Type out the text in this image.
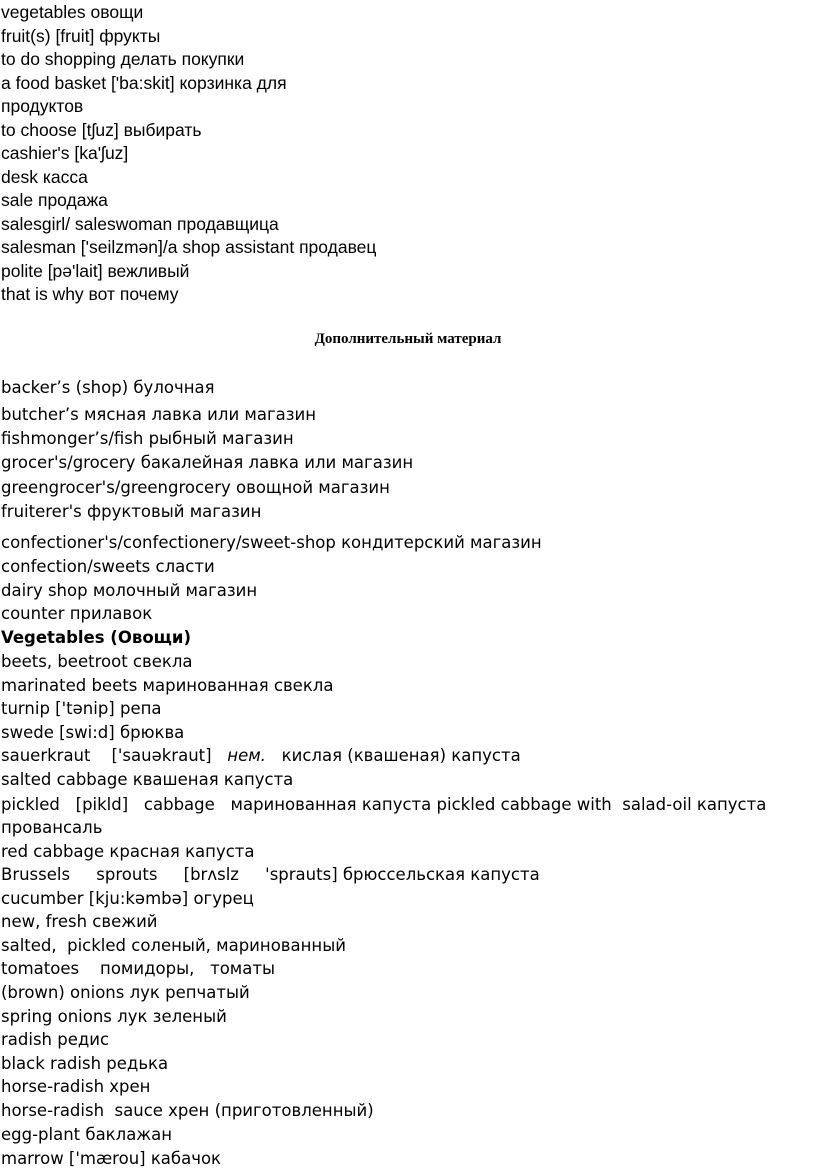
vegetables овощи
fruit(s) [fruit] фрукты
to do shopping делать покупки
a food basket ['ba:skit] корзинка для
продуктов
to choose [tʃuz] выбирать
cashier's [ka'ʃuz]
desk касса
sale продажа
salesgirl/ saleswoman продавщица
salesman ['seilzmən]/a shop assistant продавец
polite [pə'lait] вежливый
that is why вот почему
Дополнительный материал
backer’s (shop) булочная
butcher’s мясная лавка или магазин
fishmonger’s/fish рыбный магазин
grocer's/grocery бакалейная лавка или магазин
greengrocer's/greengrocery овощной магазин
fruiterer's фруктовый магазин
confectioner's/confectionery/sweet-shop кондитерский магазин
confection/sweets сласти
dairy shop молочный магазин
counter прилавок
Vegetables (Овощи)
beets, beetroot свекла
marinated beets маринованная свекла
turnip ['tənip] репа
swede [swi:d] брюква
sauerkraut    ['sauəkraut]   нем.   кислая (квашеная) капуста
salted cabbage квашеная капуста
pickled   [pikld]   cabbage   маринованная капуста pickled cabbage with  salad-oil капуста
провансаль
red cabbage красная капуста
Brussels     sprouts     [brʌslz     'sprauts] брюссельская капуста
cucumber [kju:kəmbə] огурец
new, fresh свежий
salted,  pickled соленый, маринованный
tomatoes    помидоры,   томаты
(brown) onions лук репчатый
spring onions лук зеленый
radish редис
black radish редька
horse-radish хрен
horse-radish  sauce хрен (приготовленный)
egg-plant баклажан
marrow ['mærou] кабачок
